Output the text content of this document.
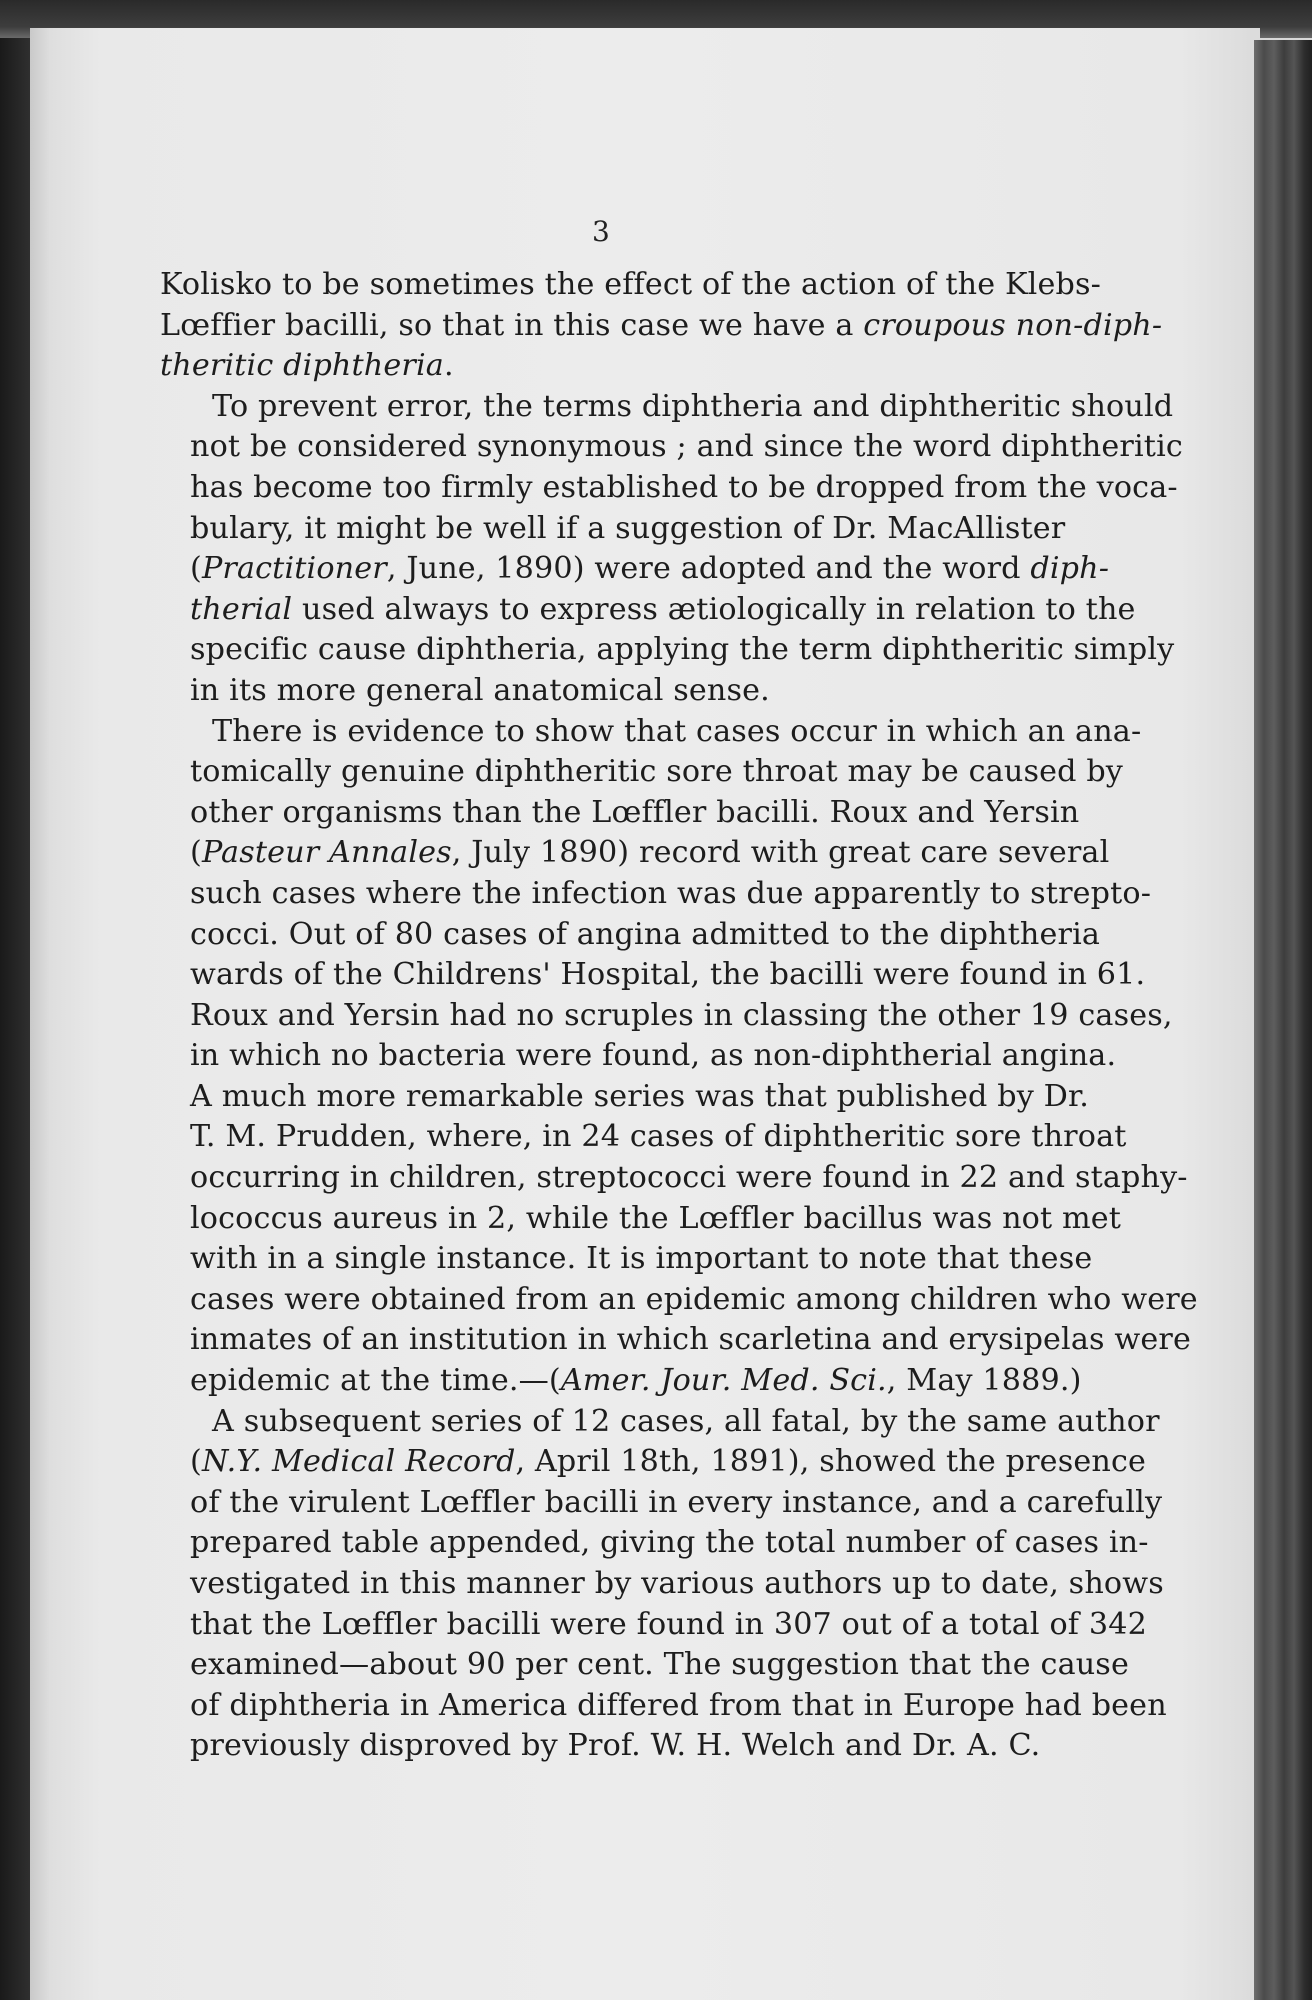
3
Kolisko to be sometimes the effect of the action of the Klebs-
Lœffier bacilli, so that in this case we have a croupous non-diph-
theritic diphtheria.
To prevent error, the terms diphtheria and diphtheritic should
not be considered synonymous ; and since the word diphtheritic
has become too firmly established to be dropped from the voca-
bulary, it might be well if a suggestion of Dr. MacAllister
(Practitioner, June, 1890) were adopted and the word diph-
therial used always to express ætiologically in relation to the
specific cause diphtheria, applying the term diphtheritic simply
in its more general anatomical sense.
There is evidence to show that cases occur in which an ana-
tomically genuine diphtheritic sore throat may be caused by
other organisms than the Lœffler bacilli. Roux and Yersin
(Pasteur Annales, July 1890) record with great care several
such cases where the infection was due apparently to strepto-
cocci. Out of 80 cases of angina admitted to the diphtheria
wards of the Childrens' Hospital, the bacilli were found in 61.
Roux and Yersin had no scruples in classing the other 19 cases,
in which no bacteria were found, as non-diphtherial angina.
A much more remarkable series was that published by Dr.
T. M. Prudden, where, in 24 cases of diphtheritic sore throat
occurring in children, streptococci were found in 22 and staphy-
lococcus aureus in 2, while the Lœffler bacillus was not met
with in a single instance. It is important to note that these
cases were obtained from an epidemic among children who were
inmates of an institution in which scarletina and erysipelas were
epidemic at the time.—(Amer. Jour. Med. Sci., May 1889.)
A subsequent series of 12 cases, all fatal, by the same author
(N.Y. Medical Record, April 18th, 1891), showed the presence
of the virulent Lœffler bacilli in every instance, and a carefully
prepared table appended, giving the total number of cases in-
vestigated in this manner by various authors up to date, shows
that the Lœffler bacilli were found in 307 out of a total of 342
examined—about 90 per cent. The suggestion that the cause
of diphtheria in America differed from that in Europe had been
previously disproved by Prof. W. H. Welch and Dr. A. C.
